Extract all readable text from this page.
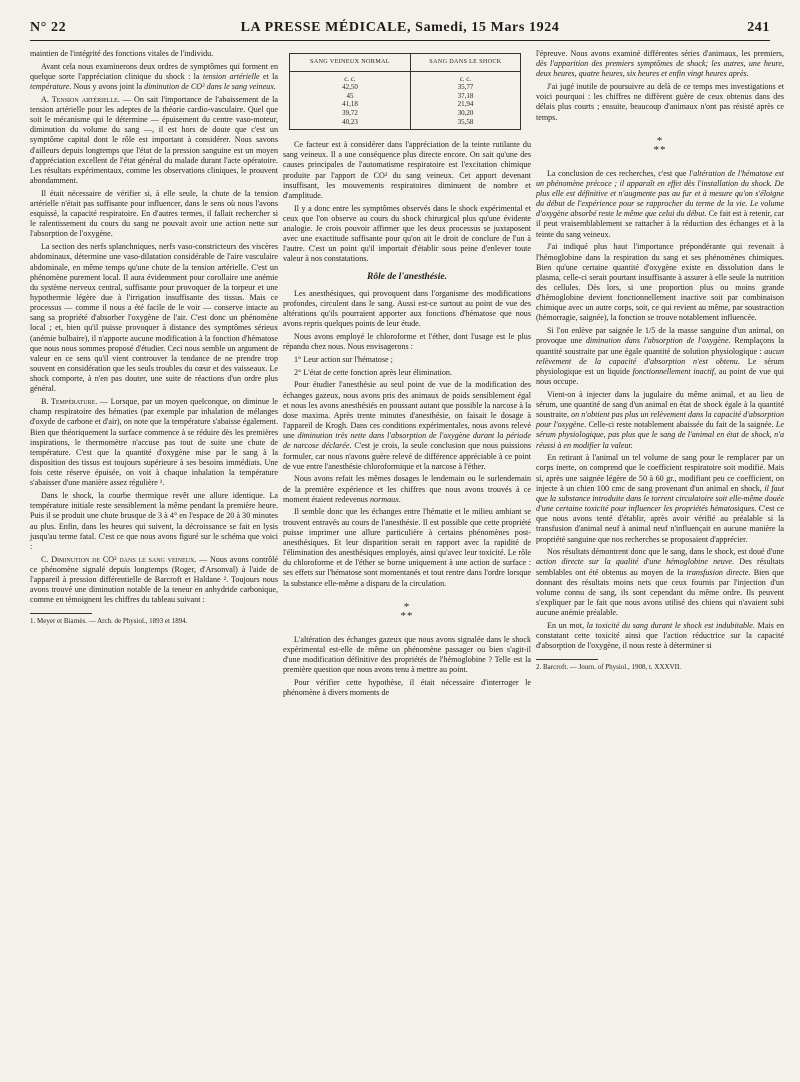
N° 22	LA PRESSE MÉDICALE, Samedi, 15 Mars 1924	241

maintien de l'intégrité des fonctions vitales de l'individu.

Avant cela nous examinerons deux ordres de symptômes qui forment en quelque sorte l'appréciation clinique du shock : la tension artérielle et la température. Nous y avons joint la diminution de CO² dans le sang veineux.

A. Tension artérielle. — On sait l'importance de l'abaissement de la tension artérielle pour les adeptes de la théorie cardio-vasculaire. Quel que soit le mécanisme qui le détermine — épuisement du centre vaso-moteur, diminution du volume du sang —, il est hors de doute que c'est un symptôme capital dont le rôle est important à considérer. Nous savons d'ailleurs depuis longtemps que l'état de la pression sanguine est un moyen d'appréciation excellent de l'état général du malade durant l'acte opératoire. Les résultats expérimentaux, comme les observations cliniques, le prouvent abondamment.

Il était nécessaire de vérifier si, à elle seule, la chute de la tension artérielle n'était pas suffisante pour influencer, dans le sens où nous l'avons esquissé, la capacité respiratoire. En d'autres termes, il fallait rechercher si le ralentissement du cours du sang ne pouvait avoir une action nette sur l'absorption de l'oxygène.

La section des nerfs splanchniques, nerfs vaso-constricteurs des viscères abdominaux, détermine une vaso-dilatation considérable de l'aire vasculaire abdominale, en même temps qu'une chute de la tension artérielle. C'est un phénomène purement local. Il aura évidemment pour corollaire une anémie du système nerveux central, suffisante pour provoquer de la torpeur et une hypothermie légère due à l'irrigation insuffisante des tissus. Mais ce processus — comme il nous a été facile de le voir — conserve intacte au sang sa propriété d'absorber l'oxygène de l'air. C'est donc un phénomène local ; et, bien qu'il puisse provoquer à distance des symptômes sérieux (anémie bulbaire), il n'apporte aucune modification à la fonction d'hématose que nous nous sommes proposé d'étudier. Ceci nous semble un argument de valeur en ce sens qu'il vient controuver la tendance de ne prendre trop souvent en considération que les seuls troubles du cœur et des vaisseaux. Le shock comporte, à n'en pas douter, une suite de réactions d'un ordre plus général.

B. Température. — Lorsque, par un moyen quelconque, on diminue le champ respiratoire des hématies (par exemple par inhalation de mélanges d'oxyde de carbone et d'air), on note que la température s'abaisse également. Bien que théoriquement la surface commence à se réduire dès les premières inspirations, le thermomètre n'accuse pas tout de suite une chute de température. C'est que la quantité d'oxygène mise par le sang à la disposition des tissus est toujours supérieure à ses besoins immédiats. Une fois cette réserve épuisée, on voit à chaque inhalation la température s'abaisser d'une manière assez régulière ¹.

Dans le shock, la courbe thermique revêt une allure identique. La température initiale reste sensiblement la même pendant la première heure. Puis il se produit une chute brusque de 3 à 4° en l'espace de 20 à 30 minutes au plus. Enfin, dans les heures qui suivent, la décroissance se fait en lysis jusqu'au terme fatal. C'est ce que nous avons figuré sur le schéma que voici :

C. Diminution de CO² dans le sang veineux. — Nous avons contrôlé ce phénomène signalé depuis longtemps (Roger, d'Arsonval) à l'aide de l'appareil à pression différentielle de Barcroft et Haldane ². Toujours nous avons trouvé une diminution notable de la teneur en anhydride carbonique, comme en témoignent les chiffres du tableau suivant :

1. Meyer et Biarnès. — Arch. de Physiol., 1893 et 1894.

SANG VEINEUX NORMAL	SANG DANS LE SHOCK
c. c.	c. c.
42,50	35,77
45	37,18
41,18	21,94
39,72	30,20
40,23	35,58

Ce facteur est à considérer dans l'appréciation de la teinte rutilante du sang veineux. Il a une conséquence plus directe encore. On sait qu'une des causes principales de l'automatisme respiratoire est l'excitation chimique produite par l'apport de CO² du sang veineux. Cet apport devenant insuffisant, les mouvements respiratoires diminuent de nombre et d'amplitude.

Il y a donc entre les symptômes observés dans le shock expérimental et ceux que l'on observe au cours du shock chirurgical plus qu'une évidente analogie. Je crois pouvoir affirmer que les deux processus se juxtaposent avec une exactitude suffisante pour qu'on ait le droit de conclure de l'un à l'autre. C'est un point qu'il importait d'établir sous peine d'enlever toute valeur à nos constatations.

Rôle de l'anesthésie.

Les anesthésiques, qui provoquent dans l'organisme des modifications profondes, circulent dans le sang. Aussi est-ce surtout au point de vue des altérations qu'ils pourraient apporter aux fonctions d'hématose que nous avons repris quelques points de leur étude.

Nous avons employé le chloroforme et l'éther, dont l'usage est le plus répandu chez nous. Nous envisagerons :

1° Leur action sur l'hématose ;

2° L'état de cette fonction après leur élimination.

Pour étudier l'anesthésie au seul point de vue de la modification des échanges gazeux, nous avons pris des animaux de poids sensiblement égal et nous les avons anesthésiés en poussant autant que possible la narcose à la dose maxima. Après trente minutes d'anesthésie, on faisait le dosage à l'appareil de Krogh. Dans ces conditions expérimentales, nous avons relevé une diminution très nette dans l'absorption de l'oxygène durant la période de narcose déclarée. C'est je crois, la seule conclusion que nous puissions formuler, car nous n'avons guère relevé de différence appréciable à ce point de vue entre l'anesthésie chloroformique et la narcose à l'éther.

Nous avons refait les mêmes dosages le lendemain ou le surlendemain de la première expérience et les chiffres que nous avons trouvés à ce moment étaient redevenus normaux.

Il semble donc que les échanges entre l'hématie et le milieu ambiant se trouvent entravés au cours de l'anesthésie. Il est possible que cette propriété puisse imprimer une allure particulière à certains phénomènes post-anesthésiques. Et leur disparition serait en rapport avec la rapidité de l'élimination des anesthésiques employés, ainsi qu'avec leur toxicité. Le rôle du chloroforme et de l'éther se borne uniquement à une action de surface : ses effets sur l'hématose sont momentanés et tout rentre dans l'ordre lorsque la substance elle-même a disparu de la circulation.

*
**

L'altération des échanges gazeux que nous avons signalée dans le shock expérimental est-elle de même un phénomène passager ou bien s'agit-il d'une modification définitive des propriétés de l'hémoglobine ? Telle est la première question que nous avons tenu à mettre au point.

Pour vérifier cette hypothèse, il était nécessaire d'interroger le phénomène à divers moments de

l'épreuve. Nous avons examiné différentes séries d'animaux, les premiers, dès l'apparition des premiers symptômes de shock; les autres, une heure, deux heures, quatre heures, six heures et enfin vingt heures après.

J'ai jugé inutile de poursuivre au delà de ce temps mes investigations et voici pourquoi : les chiffres ne diffèrent guère de ceux obtenus dans des délais plus courts ; ensuite, beaucoup d'animaux n'ont pas résisté après ce temps.

*
**

La conclusion de ces recherches, c'est que l'altération de l'hématose est un phénomène précoce ; il apparaît en effet dès l'installation du shock. De plus elle est définitive et n'augmente pas au fur et à mesure qu'on s'éloigne du début de l'expérience pour se rapprocher du terme de la vie. Le volume d'oxygène absorbé reste le même que celui du début. Ce fait est à retenir, car il peut vraisemblablement se rattacher à la réduction des échanges et à la teinte du sang veineux.

J'ai indiqué plus haut l'importance prépondérante qui revenait à l'hémoglobine dans la respiration du sang et ses phénomènes chimiques. Bien qu'une certaine quantité d'oxygène existe en dissolution dans le plasma, celle-ci serait pourtant insuffisante à assurer à elle seule la nutrition des cellules. Dès lors, si une proportion plus ou moins grande d'hémoglobine devient fonctionnellement inactive soit par combinaison chimique avec un autre corps, soit, ce qui revient au même, par soustraction (hémorragie, saignée), la fonction se trouve notablement influencée.

Si l'on enlève par saignée le 1/5 de la masse sanguine d'un animal, on provoque une diminution dans l'absorption de l'oxygène. Remplaçons la quantité soustraite par une égale quantité de solution physiologique : aucun relèvement de la capacité d'absorption n'est obtenu. Le sérum physiologique est un liquide fonctionnellement inactif, au point de vue qui nous occupe.

Vient-on à injecter dans la jugulaire du même animal, et au lieu de sérum, une quantité de sang d'un animal en état de shock égale à la quantité soustraite, on n'obtient pas plus un relèvement dans la capacité d'absorption pour l'oxygène. Celle-ci reste notablement abaissée du fait de la saignée. Le sérum physiologique, pas plus que le sang de l'animal en état de shock, n'a réussi à en modifier la valeur.

En retirant à l'animal un tel volume de sang pour le remplacer par un corps inerte, on comprend que le coefficient respiratoire soit modifié. Mais si, après une saignée légère de 50 à 60 gr., modifiant peu ce coefficient, on injecte à un chien 100 cmc de sang provenant d'un animal en shock, il faut que la substance introduite dans le torrent circulatoire soit elle-même douée d'une certaine toxicité pour influencer les propriétés hématosiques. C'est ce que nous avons tenté d'établir, après avoir vérifié au préalable si la transfusion d'animal neuf à animal neuf n'influençait en aucune manière la propriété sanguine que nos recherches se proposaient d'apprécier.

Nos résultats démontrent donc que le sang, dans le shock, est doué d'une action directe sur la qualité d'une hémoglobine neuve. Des résultats semblables ont été obtenus au moyen de la transfusion directe. Bien que donnant des résultats moins nets que ceux fournis par l'injection d'un volume connu de sang, ils sont cependant du même ordre. Ils peuvent s'expliquer par le fait que nous avons utilisé des chiens qui n'avaient subi aucune anémie préalable.

En un mot, la toxicité du sang durant le shock est indubitable. Mais en constatant cette toxicité ainsi que l'action réductrice sur la capacité d'absorption de l'oxygène, il nous reste à déterminer si

2. Barcroft. — Journ. of Physiol., 1908, t. XXXVII.
